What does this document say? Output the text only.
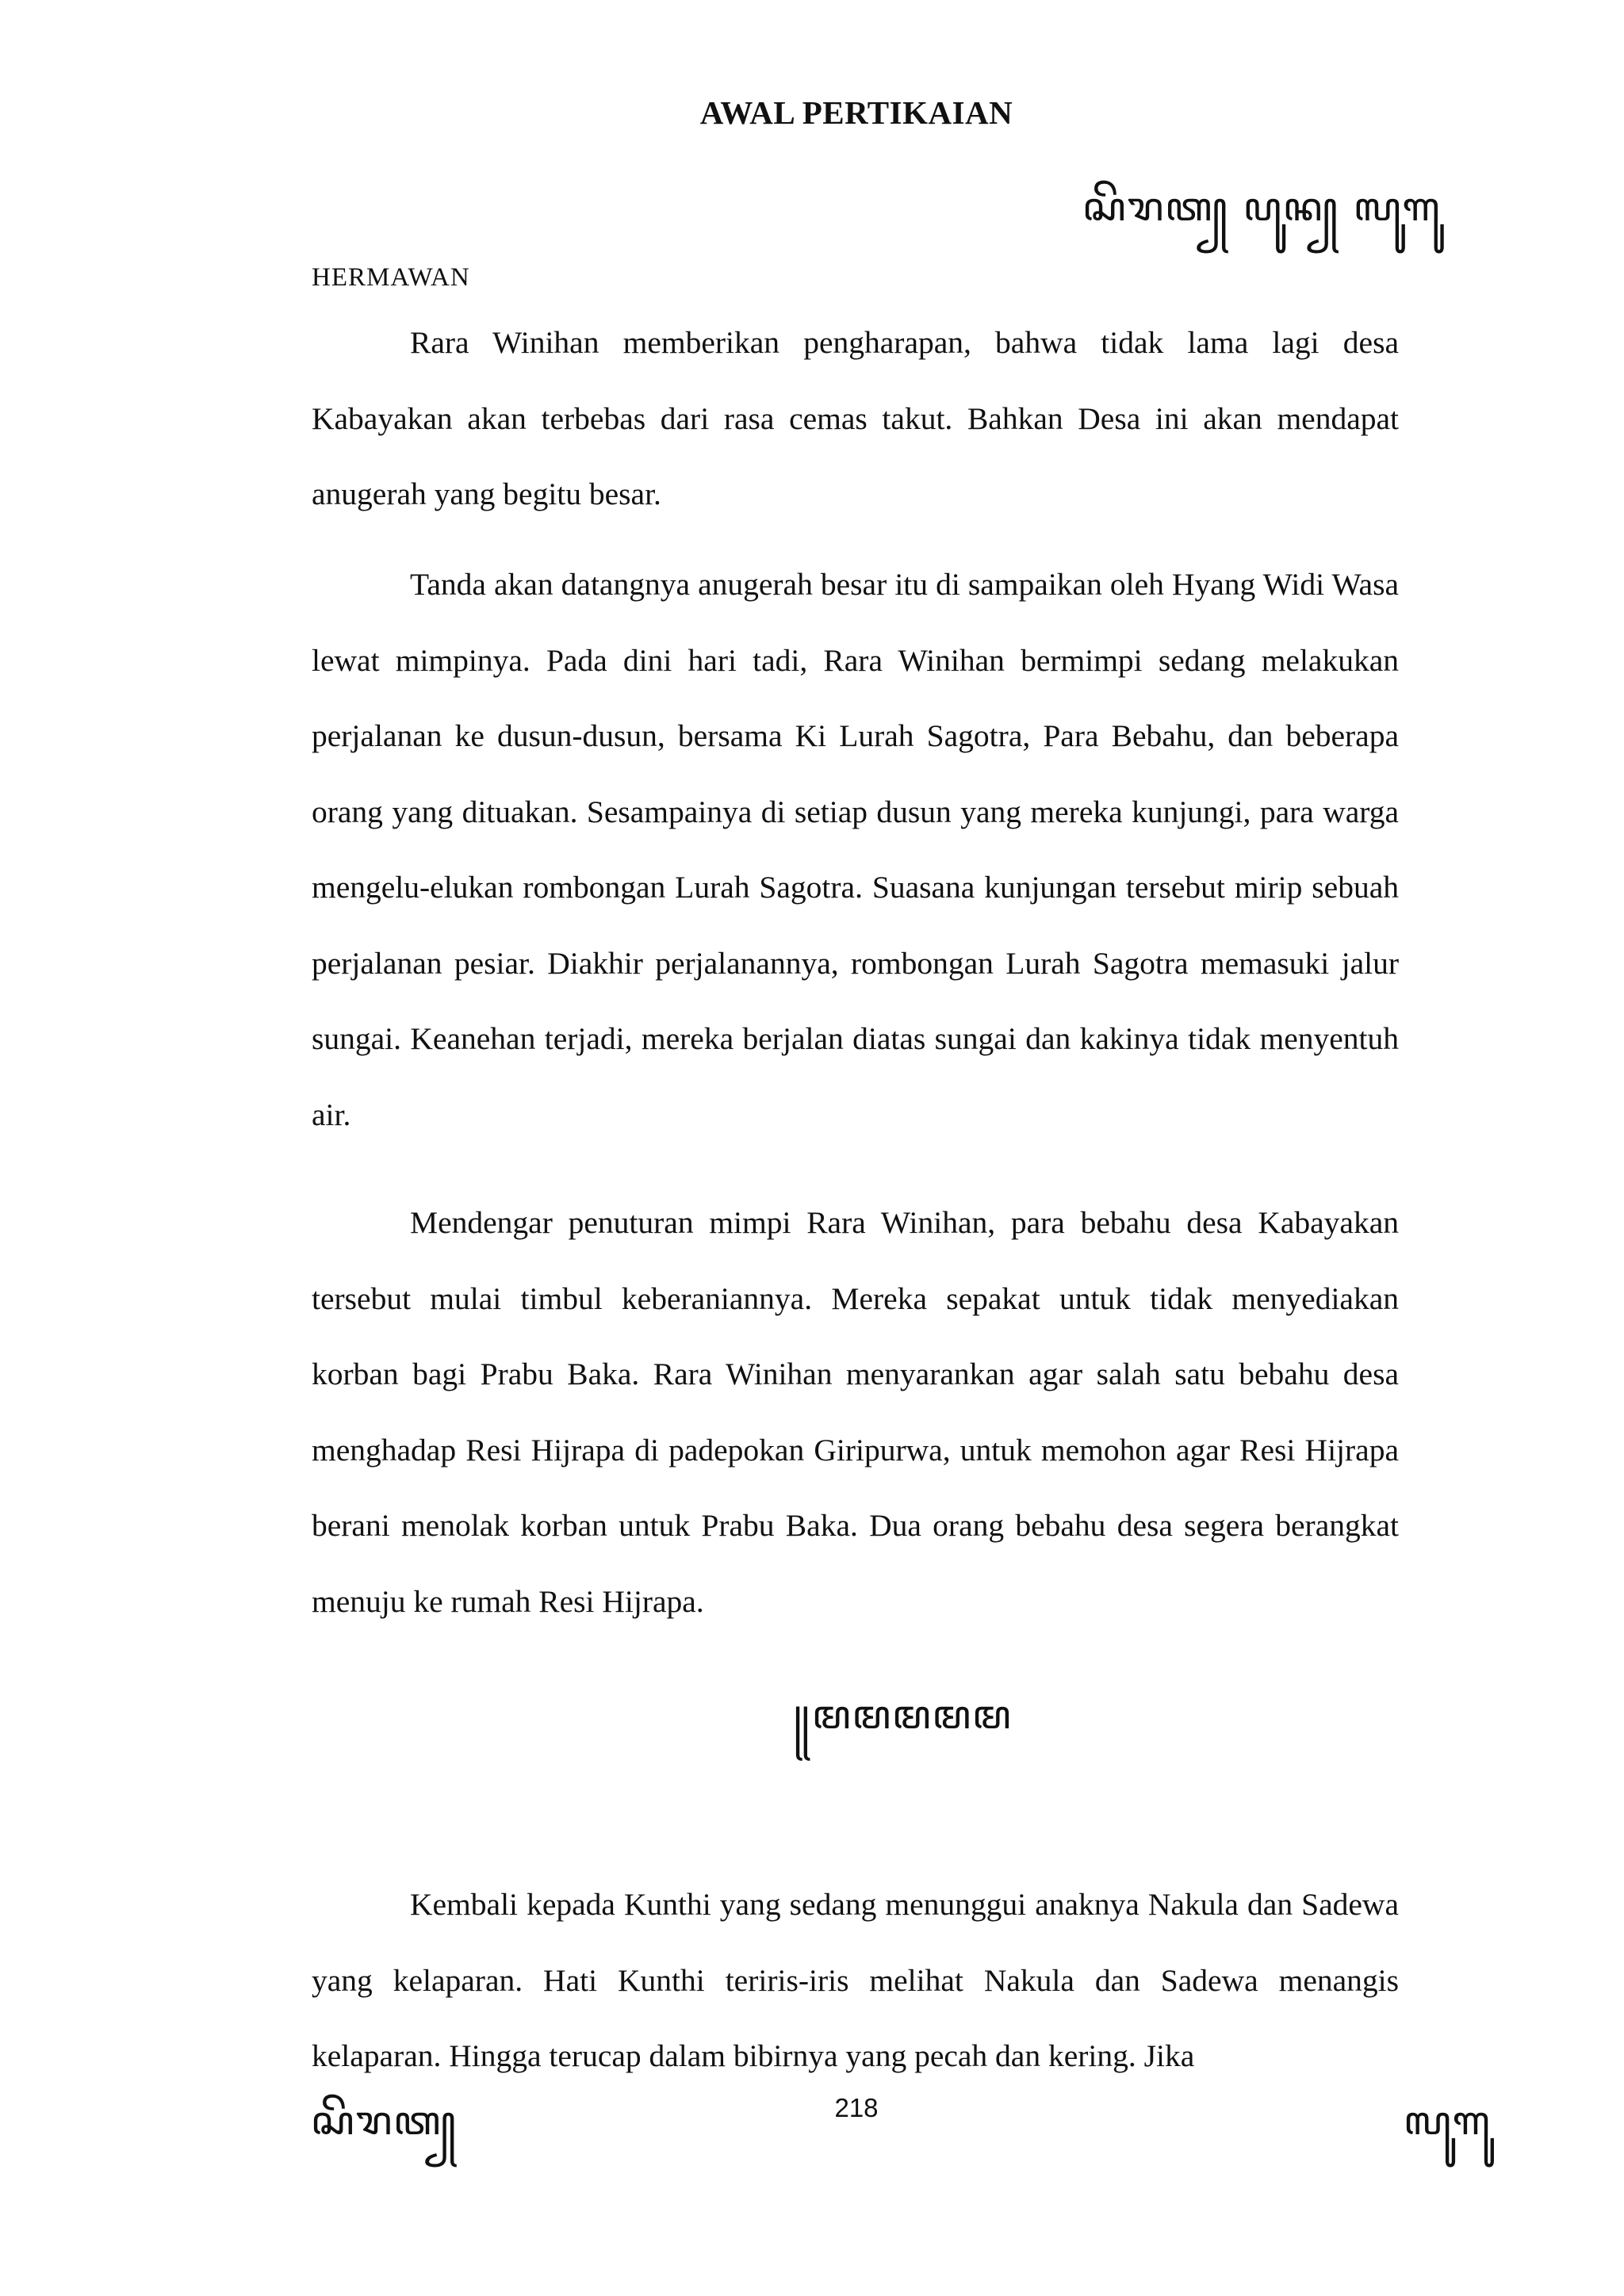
AWAL PERTIKAIAN
ꦱꦼꦫꦠ꧀ ꦥꦸꦤ꧀ ꦭꦸꦒꦸ
HERMAWAN

Rara Winihan memberikan pengharapan, bahwa tidak lama lagi desa Kabayakan akan terbebas dari rasa cemas takut. Bahkan Desa ini akan mendapat anugerah yang begitu besar.

Tanda akan datangnya anugerah besar itu di sampaikan oleh Hyang Widi Wasa lewat mimpinya. Pada dini hari tadi, Rara Winihan bermimpi sedang melakukan perjalanan ke dusun-dusun, bersama Ki Lurah Sagotra, Para Bebahu, dan beberapa orang yang dituakan. Sesampainya di setiap dusun yang mereka kunjungi, para warga mengelu-elukan rombongan Lurah Sagotra. Suasana kunjungan tersebut mirip sebuah perjalanan pesiar. Diakhir perjalanannya, rombongan Lurah Sagotra memasuki jalur sungai. Keanehan terjadi, mereka berjalan diatas sungai dan kakinya tidak menyentuh air.

Mendengar penuturan mimpi Rara Winihan, para bebahu desa Kabayakan tersebut mulai timbul keberaniannya. Mereka sepakat untuk tidak menyediakan korban bagi Prabu Baka. Rara Winihan menyarankan agar salah satu bebahu desa menghadap Resi Hijrapa di padepokan Giripurwa, untuk memohon agar Resi Hijrapa berani menolak korban untuk Prabu Baka. Dua orang bebahu desa segera berangkat menuju ke rumah Resi Hijrapa.

꧋ꦩꦩꦩꦩꦩ

Kembali kepada Kunthi yang sedang menunggui anaknya Nakula dan Sadewa yang kelaparan. Hati Kunthi teriris-iris melihat Nakula dan Sadewa menangis kelaparan. Hingga terucap dalam bibirnya yang pecah dan kering. Jika

218
ꦱꦼꦫꦠ꧀	ꦭꦸꦒꦸ
